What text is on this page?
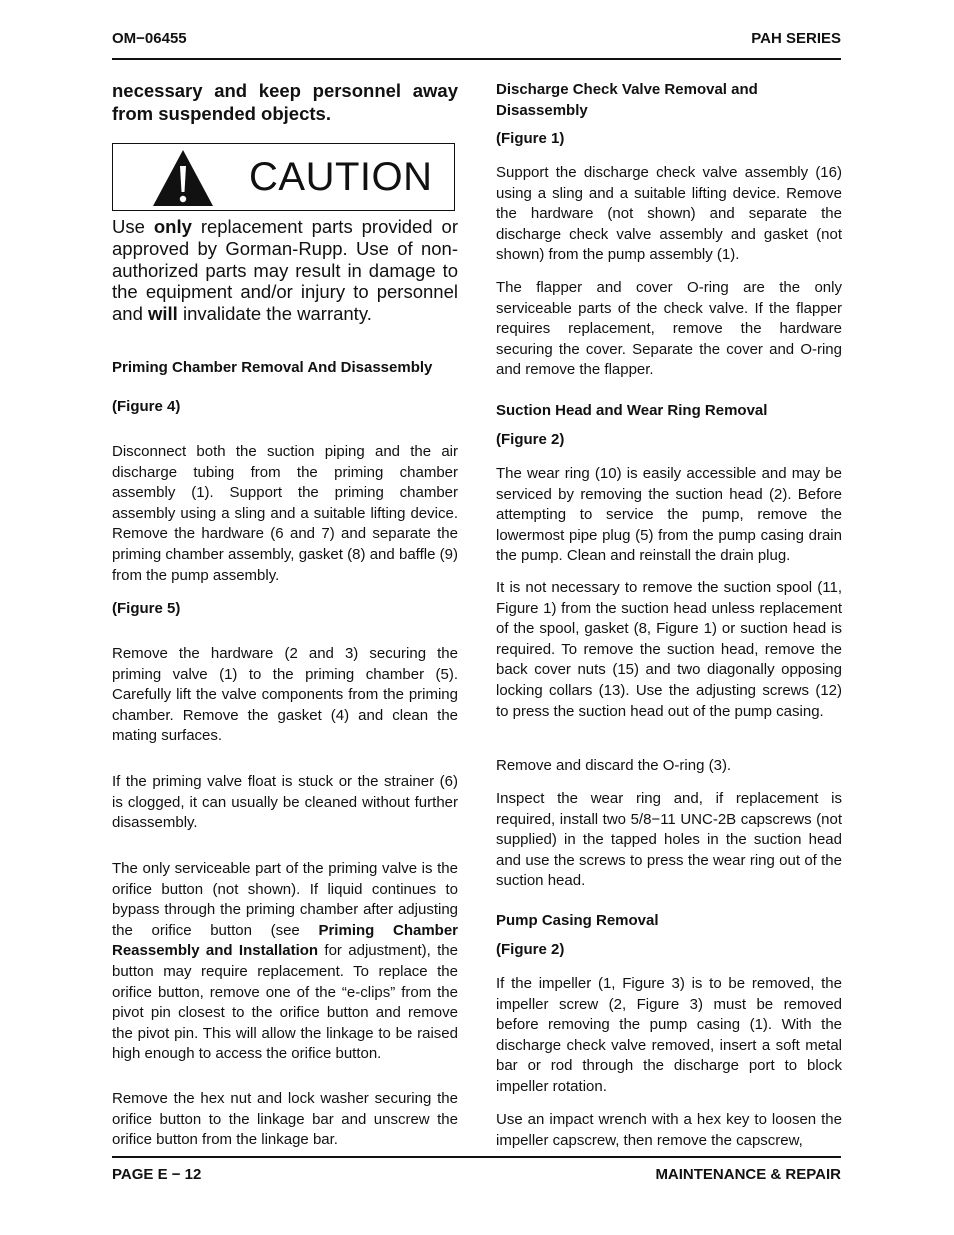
OM−06455	PAH SERIES

necessary and keep personnel away from suspended objects.

CAUTION

Use only replacement parts provided or approved by Gorman-Rupp. Use of non-authorized parts may result in damage to the equipment and/or injury to personnel and will invalidate the warranty.

Priming Chamber Removal And Disassembly
(Figure 4)

Disconnect both the suction piping and the air discharge tubing from the priming chamber assembly (1). Support the priming chamber assembly using a sling and a suitable lifting device. Remove the hardware (6 and 7) and separate the priming chamber assembly, gasket (8) and baffle (9) from the pump assembly.

(Figure 5)

Remove the hardware (2 and 3) securing the priming valve (1) to the priming chamber (5). Carefully lift the valve components from the priming chamber. Remove the gasket (4) and clean the mating surfaces.

If the priming valve float is stuck or the strainer (6) is clogged, it can usually be cleaned without further disassembly.

The only serviceable part of the priming valve is the orifice button (not shown). If liquid continues to bypass through the priming chamber after adjusting the orifice button (see Priming Chamber Reassembly and Installation for adjustment), the button may require replacement. To replace the orifice button, remove one of the “e-clips” from the pivot pin closest to the orifice button and remove the pivot pin. This will allow the linkage to be raised high enough to access the orifice button.

Remove the hex nut and lock washer securing the orifice button to the linkage bar and unscrew the orifice button from the linkage bar.

Discharge Check Valve Removal and Disassembly
(Figure 1)

Support the discharge check valve assembly (16) using a sling and a suitable lifting device. Remove the hardware (not shown) and separate the discharge check valve assembly and gasket (not shown) from the pump assembly (1).

The flapper and cover O-ring are the only serviceable parts of the check valve. If the flapper requires replacement, remove the hardware securing the cover. Separate the cover and O-ring and remove the flapper.

Suction Head and Wear Ring Removal
(Figure 2)

The wear ring (10) is easily accessible and may be serviced by removing the suction head (2). Before attempting to service the pump, remove the lowermost pipe plug (5) from the pump casing drain the pump. Clean and reinstall the drain plug.

It is not necessary to remove the suction spool (11, Figure 1) from the suction head unless replacement of the spool, gasket (8, Figure 1) or suction head is required. To remove the suction head, remove the back cover nuts (15) and two diagonally opposing locking collars (13). Use the adjusting screws (12) to press the suction head out of the pump casing.

Remove and discard the O-ring (3).

Inspect the wear ring and, if replacement is required, install two 5/8−11 UNC-2B capscrews (not supplied) in the tapped holes in the suction head and use the screws to press the wear ring out of the suction head.

Pump Casing Removal
(Figure 2)

If the impeller (1, Figure 3) is to be removed, the impeller screw (2, Figure 3) must be removed before removing the pump casing (1). With the discharge check valve removed, insert a soft metal bar or rod through the discharge port to block impeller rotation.

Use an impact wrench with a hex key to loosen the impeller capscrew, then remove the capscrew,

PAGE E − 12	MAINTENANCE & REPAIR
